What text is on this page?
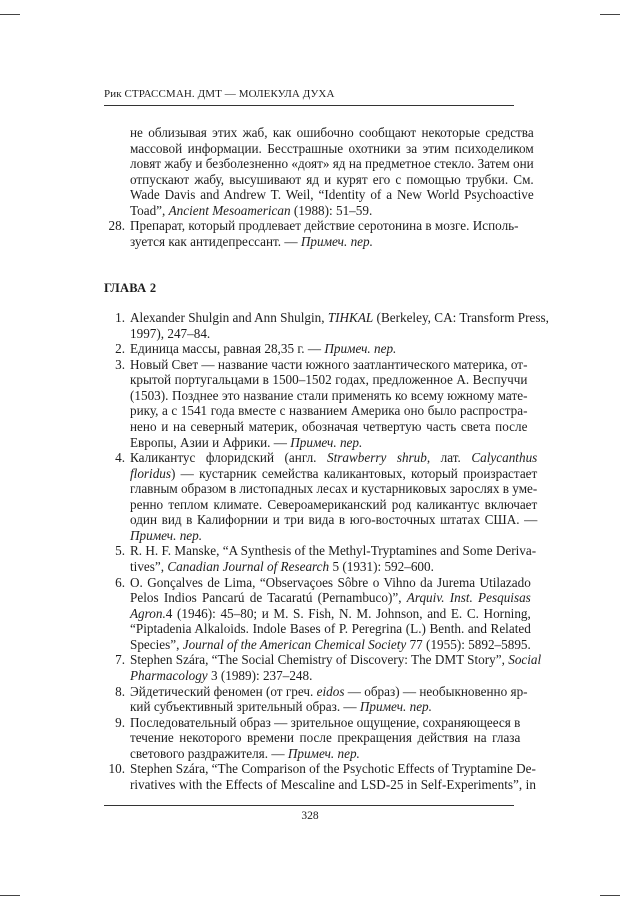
Рик СТРАССМАН. ДМТ — МОЛЕКУЛА ДУХА
не облизывая этих жаб, как ошибочно сообщают некоторые средства
массовой информации. Бесстрашные охотники за этим психоделиком
ловят жабу и безболезненно «доят» яд на предметное стекло. Затем они
отпускают жабу, высушивают яд и курят его с помощью трубки. См.
Wade Davis and Andrew T. Weil, “Identity of a New World Psychoactive
Toad”, Ancient Mesoamerican (1988): 51–59.
28. Препарат, который продлевает действие серотонина в мозге. Исполь-
зуется как антидепрессант. — Примеч. пер.
ГЛАВА 2
1. Alexander Shulgin and Ann Shulgin, TIHKAL (Berkeley, CA: Transform Press,
1997), 247–84.
2. Единица массы, равная 28,35 г. — Примеч. пер.
3. Новый Свет — название части южного заатлантического материка, от-
крытой португальцами в 1500–1502 годах, предложенное А. Веспуччи
(1503). Позднее это название стали применять ко всему южному мате-
рику, а с 1541 года вместе с названием Америка оно было распростра-
нено и на северный материк, обозначая четвертую часть света после
Европы, Азии и Африки. — Примеч. пер.
4. Каликантус флоридский (англ. Strawberry shrub, лат. Calycanthus
floridus) — кустарник семейства каликантовых, который произрастает
главным образом в листопадных лесах и кустарниковых зарослях в уме-
ренно теплом климате. Североамериканский род каликантус включает
один вид в Калифорнии и три вида в юго-восточных штатах США. —
Примеч. пер.
5. R. H. F. Manske, “A Synthesis of the Methyl-Tryptamines and Some Deriva-
tives”, Canadian Journal of Research 5 (1931): 592–600.
6. O. Gonçalves de Lima, “Observaçoes Sôbre o Vihno da Jurema Utilazado
Pelos Indios Pancarú de Tacaratú (Pernambuco)”, Arquiv. Inst. Pesquisas
Agron.4 (1946): 45–80; и M. S. Fish, N. M. Johnson, and E. C. Horning,
“Piptadenia Alkaloids. Indole Bases of P. Peregrina (L.) Benth. and Related
Species”, Journal of the American Chemical Society 77 (1955): 5892–5895.
7. Stephen Szára, “The Social Chemistry of Discovery: The DMT Story”, Social
Pharmacology 3 (1989): 237–248.
8. Эйдетический феномен (от греч. eidos — образ) — необыкновенно яр-
кий субъективный зрительный образ. — Примеч. пер.
9. Последовательный образ — зрительное ощущение, сохраняющееся в
течение некоторого времени после прекращения действия на глаза
светового раздражителя. — Примеч. пер.
10. Stephen Szára, “The Comparison of the Psychotic Effects of Tryptamine De-
rivatives with the Effects of Mescaline and LSD-25 in Self-Experiments”, in
328
